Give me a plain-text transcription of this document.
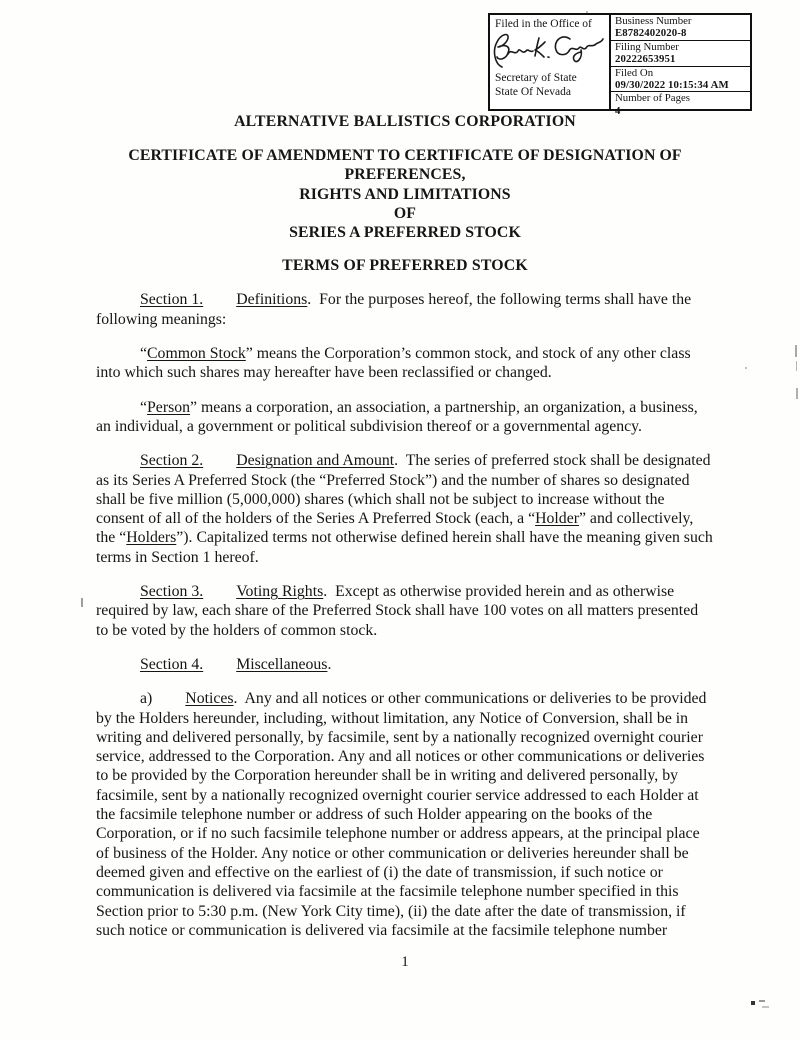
Filed in the Office of
Secretary of State
State Of Nevada
Business Number
E8782402020-8
Filing Number
20222653951
Filed On
09/30/2022 10:15:34 AM
Number of Pages
4
ALTERNATIVE BALLISTICS CORPORATION
CERTIFICATE OF AMENDMENT TO CERTIFICATE OF DESIGNATION OF
PREFERENCES,
RIGHTS AND LIMITATIONS
OF
SERIES A PREFERRED STOCK
TERMS OF PREFERRED STOCK

Section 1. Definitions.  For the purposes hereof, the following terms shall have the following meanings:

“Common Stock” means the Corporation’s common stock, and stock of any other class into which such shares may hereafter have been reclassified or changed.

“Person” means a corporation, an association, a partnership, an organization, a business, an individual, a government or political subdivision thereof or a governmental agency.

Section 2. Designation and Amount.  The series of preferred stock shall be designated as its Series A Preferred Stock (the “Preferred Stock”) and the number of shares so designated shall be five million (5,000,000) shares (which shall not be subject to increase without the consent of all of the holders of the Series A Preferred Stock (each, a “Holder” and collectively, the “Holders”). Capitalized terms not otherwise defined herein shall have the meaning given such terms in Section 1 hereof.

Section 3. Voting Rights.  Except as otherwise provided herein and as otherwise required by law, each share of the Preferred Stock shall have 100 votes on all matters presented to be voted by the holders of common stock.

Section 4. Miscellaneous.

a) Notices.  Any and all notices or other communications or deliveries to be provided by the Holders hereunder, including, without limitation, any Notice of Conversion, shall be in writing and delivered personally, by facsimile, sent by a nationally recognized overnight courier service, addressed to the Corporation. Any and all notices or other communications or deliveries to be provided by the Corporation hereunder shall be in writing and delivered personally, by facsimile, sent by a nationally recognized overnight courier service addressed to each Holder at the facsimile telephone number or address of such Holder appearing on the books of the Corporation, or if no such facsimile telephone number or address appears, at the principal place of business of the Holder. Any notice or other communication or deliveries hereunder shall be deemed given and effective on the earliest of (i) the date of transmission, if such notice or communication is delivered via facsimile at the facsimile telephone number specified in this Section prior to 5:30 p.m. (New York City time), (ii) the date after the date of transmission, if such notice or communication is delivered via facsimile at the facsimile telephone number

1
